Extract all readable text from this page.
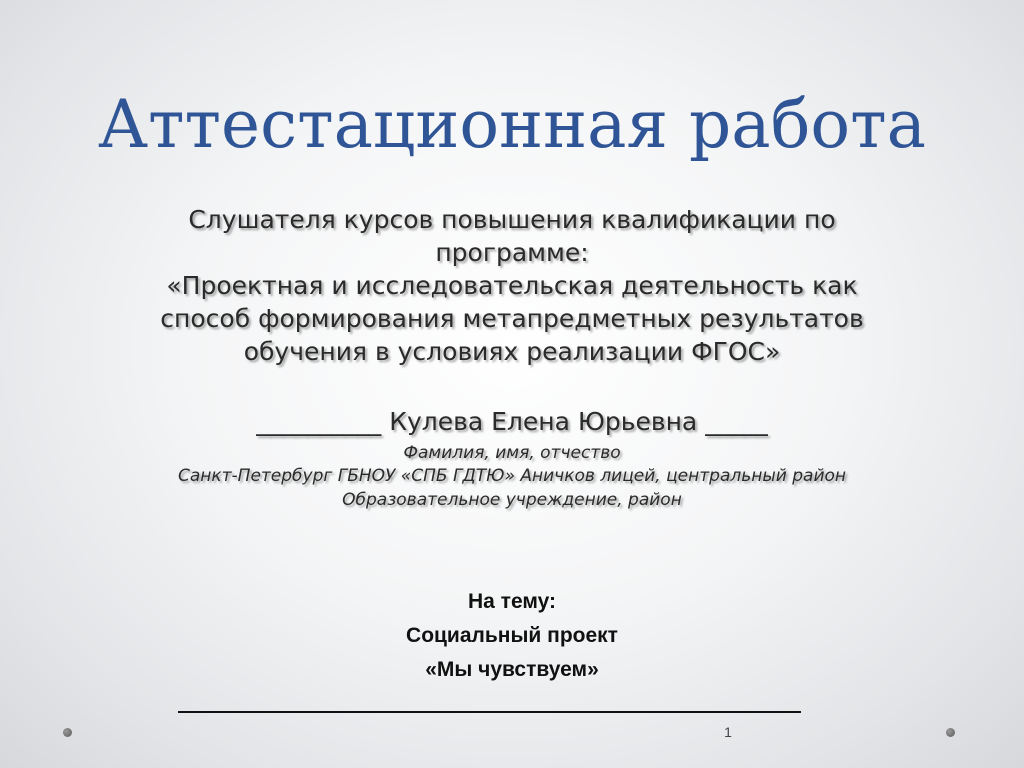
Аттестационная работа
Слушателя курсов повышения квалификации по
программе:
«Проектная и исследовательская деятельность как
способ формирования метапредметных результатов
обучения в условиях реализации ФГОС»
__________ Кулева Елена Юрьевна _____
Фамилия, имя, отчество
Санкт-Петербург ГБНОУ «СПБ ГДТЮ» Аничков лицей, центральный район
Образовательное учреждение, район
На тему:
Социальный проект
«Мы чувствуем»
1
